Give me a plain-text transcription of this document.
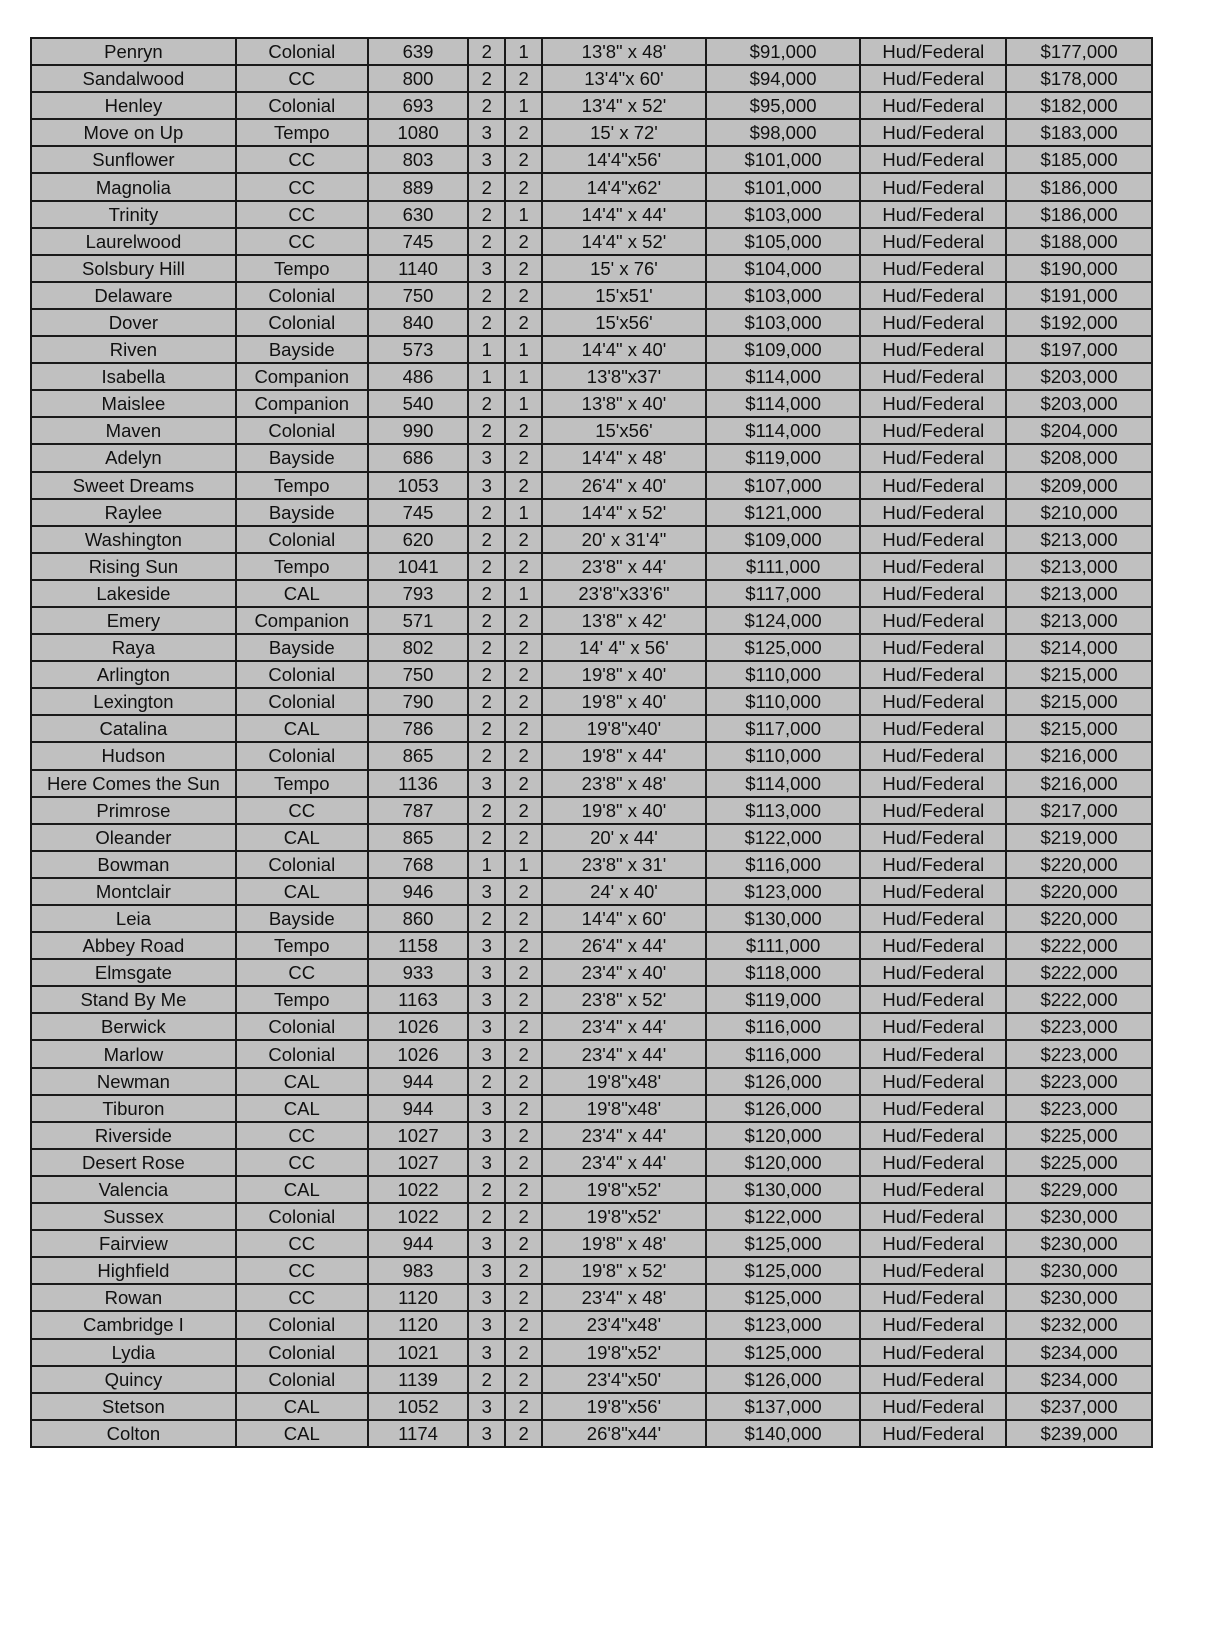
Penryn	Colonial	639	2	1	13'8" x 48'	$91,000	Hud/Federal	$177,000
Sandalwood	CC	800	2	2	13'4"x 60'	$94,000	Hud/Federal	$178,000
Henley	Colonial	693	2	1	13'4" x 52'	$95,000	Hud/Federal	$182,000
Move on Up	Tempo	1080	3	2	15' x 72'	$98,000	Hud/Federal	$183,000
Sunflower	CC	803	3	2	14'4"x56'	$101,000	Hud/Federal	$185,000
Magnolia	CC	889	2	2	14'4"x62'	$101,000	Hud/Federal	$186,000
Trinity	CC	630	2	1	14'4" x 44'	$103,000	Hud/Federal	$186,000
Laurelwood	CC	745	2	2	14'4" x 52'	$105,000	Hud/Federal	$188,000
Solsbury Hill	Tempo	1140	3	2	15' x 76'	$104,000	Hud/Federal	$190,000
Delaware	Colonial	750	2	2	15'x51'	$103,000	Hud/Federal	$191,000
Dover	Colonial	840	2	2	15'x56'	$103,000	Hud/Federal	$192,000
Riven	Bayside	573	1	1	14'4" x 40'	$109,000	Hud/Federal	$197,000
Isabella	Companion	486	1	1	13'8"x37'	$114,000	Hud/Federal	$203,000
Maislee	Companion	540	2	1	13'8" x 40'	$114,000	Hud/Federal	$203,000
Maven	Colonial	990	2	2	15'x56'	$114,000	Hud/Federal	$204,000
Adelyn	Bayside	686	3	2	14'4" x 48'	$119,000	Hud/Federal	$208,000
Sweet Dreams	Tempo	1053	3	2	26'4" x 40'	$107,000	Hud/Federal	$209,000
Raylee	Bayside	745	2	1	14'4" x 52'	$121,000	Hud/Federal	$210,000
Washington	Colonial	620	2	2	20' x 31'4"	$109,000	Hud/Federal	$213,000
Rising Sun	Tempo	1041	2	2	23'8" x 44'	$111,000	Hud/Federal	$213,000
Lakeside	CAL	793	2	1	23'8"x33'6"	$117,000	Hud/Federal	$213,000
Emery	Companion	571	2	2	13'8" x 42'	$124,000	Hud/Federal	$213,000
Raya	Bayside	802	2	2	14' 4" x 56'	$125,000	Hud/Federal	$214,000
Arlington	Colonial	750	2	2	19'8" x 40'	$110,000	Hud/Federal	$215,000
Lexington	Colonial	790	2	2	19'8" x 40'	$110,000	Hud/Federal	$215,000
Catalina	CAL	786	2	2	19'8"x40'	$117,000	Hud/Federal	$215,000
Hudson	Colonial	865	2	2	19'8" x 44'	$110,000	Hud/Federal	$216,000
Here Comes the Sun	Tempo	1136	3	2	23'8" x 48'	$114,000	Hud/Federal	$216,000
Primrose	CC	787	2	2	19'8" x 40'	$113,000	Hud/Federal	$217,000
Oleander	CAL	865	2	2	20' x 44'	$122,000	Hud/Federal	$219,000
Bowman	Colonial	768	1	1	23'8" x 31'	$116,000	Hud/Federal	$220,000
Montclair	CAL	946	3	2	24' x 40'	$123,000	Hud/Federal	$220,000
Leia	Bayside	860	2	2	14'4" x 60'	$130,000	Hud/Federal	$220,000
Abbey Road	Tempo	1158	3	2	26'4" x 44'	$111,000	Hud/Federal	$222,000
Elmsgate	CC	933	3	2	23'4" x 40'	$118,000	Hud/Federal	$222,000
Stand By Me	Tempo	1163	3	2	23'8" x 52'	$119,000	Hud/Federal	$222,000
Berwick	Colonial	1026	3	2	23'4" x 44'	$116,000	Hud/Federal	$223,000
Marlow	Colonial	1026	3	2	23'4" x 44'	$116,000	Hud/Federal	$223,000
Newman	CAL	944	2	2	19'8"x48'	$126,000	Hud/Federal	$223,000
Tiburon	CAL	944	3	2	19'8"x48'	$126,000	Hud/Federal	$223,000
Riverside	CC	1027	3	2	23'4" x 44'	$120,000	Hud/Federal	$225,000
Desert Rose	CC	1027	3	2	23'4" x 44'	$120,000	Hud/Federal	$225,000
Valencia	CAL	1022	2	2	19'8"x52'	$130,000	Hud/Federal	$229,000
Sussex	Colonial	1022	2	2	19'8"x52'	$122,000	Hud/Federal	$230,000
Fairview	CC	944	3	2	19'8" x 48'	$125,000	Hud/Federal	$230,000
Highfield	CC	983	3	2	19'8" x 52'	$125,000	Hud/Federal	$230,000
Rowan	CC	1120	3	2	23'4" x 48'	$125,000	Hud/Federal	$230,000
Cambridge I	Colonial	1120	3	2	23'4"x48'	$123,000	Hud/Federal	$232,000
Lydia	Colonial	1021	3	2	19'8"x52'	$125,000	Hud/Federal	$234,000
Quincy	Colonial	1139	2	2	23'4"x50'	$126,000	Hud/Federal	$234,000
Stetson	CAL	1052	3	2	19'8"x56'	$137,000	Hud/Federal	$237,000
Colton	CAL	1174	3	2	26'8"x44'	$140,000	Hud/Federal	$239,000
